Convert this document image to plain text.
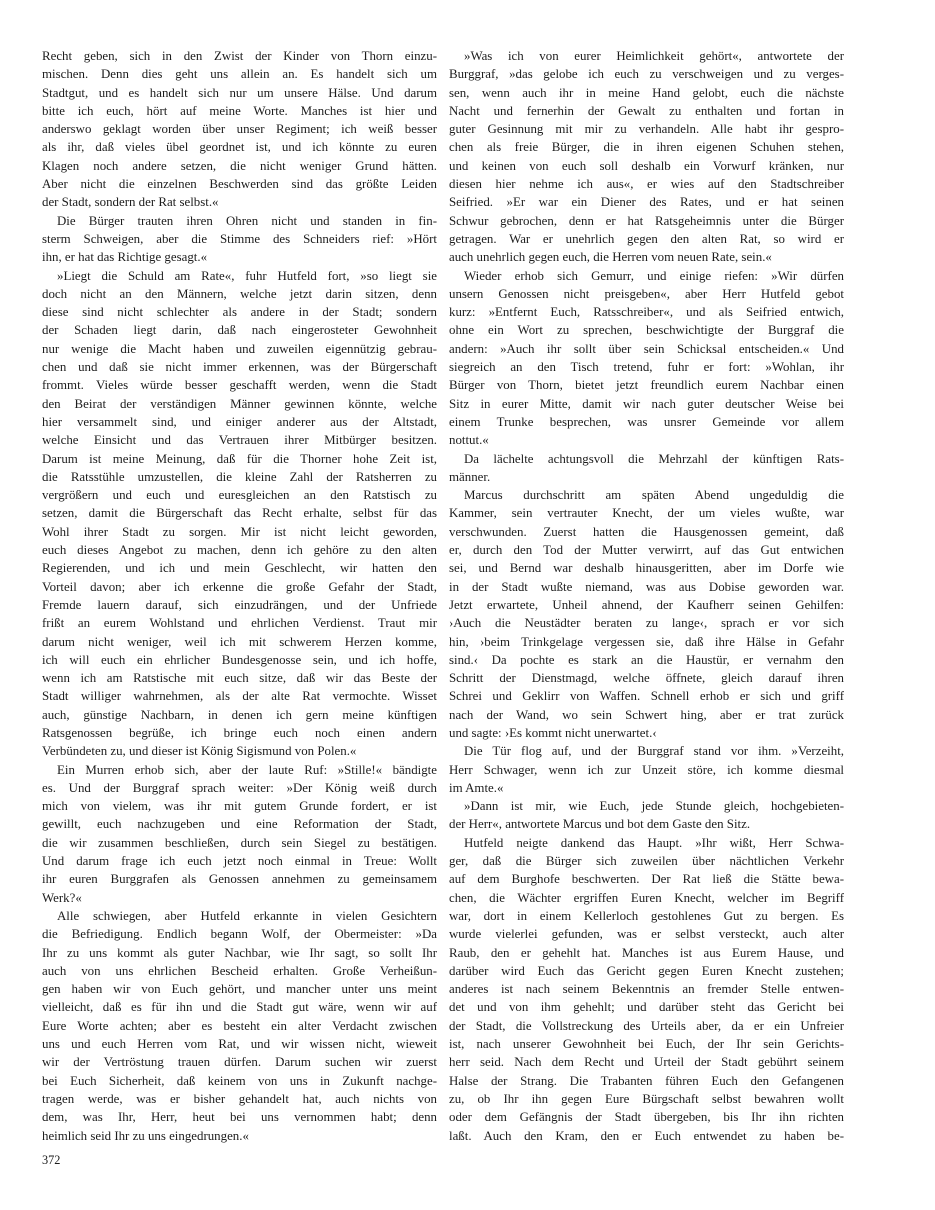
Recht geben, sich in den Zwist der Kinder von Thorn einzu-
mischen. Denn dies geht uns allein an. Es handelt sich um
Stadtgut, und es handelt sich nur um unsere Hälse. Und darum
bitte ich euch, hört auf meine Worte. Manches ist hier und
anderswo geklagt worden über unser Regiment; ich weiß besser
als ihr, daß vieles übel geordnet ist, und ich könnte zu euren
Klagen noch andere setzen, die nicht weniger Grund hätten.
Aber nicht die einzelnen Beschwerden sind das größte Leiden
der Stadt, sondern der Rat selbst.«
Die Bürger trauten ihren Ohren nicht und standen in fin-
sterm Schweigen, aber die Stimme des Schneiders rief: »Hört
ihn, er hat das Richtige gesagt.«
»Liegt die Schuld am Rate«, fuhr Hutfeld fort, »so liegt sie
doch nicht an den Männern, welche jetzt darin sitzen, denn
diese sind nicht schlechter als andere in der Stadt; sondern
der Schaden liegt darin, daß nach eingerosteter Gewohnheit
nur wenige die Macht haben und zuweilen eigennützig gebrau-
chen und daß sie nicht immer erkennen, was der Bürgerschaft
frommt. Vieles würde besser geschafft werden, wenn die Stadt
den Beirat der verständigen Männer gewinnen könnte, welche
hier versammelt sind, und einiger anderer aus der Altstadt,
welche Einsicht und das Vertrauen ihrer Mitbürger besitzen.
Darum ist meine Meinung, daß für die Thorner hohe Zeit ist,
die Ratsstühle umzustellen, die kleine Zahl der Ratsherren zu
vergrößern und euch und euresgleichen an den Ratstisch zu
setzen, damit die Bürgerschaft das Recht erhalte, selbst für das
Wohl ihrer Stadt zu sorgen. Mir ist nicht leicht geworden,
euch dieses Angebot zu machen, denn ich gehöre zu den alten
Regierenden, und ich und mein Geschlecht, wir hatten den
Vorteil davon; aber ich erkenne die große Gefahr der Stadt,
Fremde lauern darauf, sich einzudrängen, und der Unfriede
frißt an eurem Wohlstand und ehrlichen Verdienst. Traut mir
darum nicht weniger, weil ich mit schwerem Herzen komme,
ich will euch ein ehrlicher Bundesgenosse sein, und ich hoffe,
wenn ich am Ratstische mit euch sitze, daß wir das Beste der
Stadt williger wahrnehmen, als der alte Rat vermochte. Wisset
auch, günstige Nachbarn, in denen ich gern meine künftigen
Ratsgenossen begrüße, ich bringe euch noch einen andern
Verbündeten zu, und dieser ist König Sigismund von Polen.«
Ein Murren erhob sich, aber der laute Ruf: »Stille!« bändigte
es. Und der Burggraf sprach weiter: »Der König weiß durch
mich von vielem, was ihr mit gutem Grunde fordert, er ist
gewillt, euch nachzugeben und eine Reformation der Stadt,
die wir zusammen beschließen, durch sein Siegel zu bestätigen.
Und darum frage ich euch jetzt noch einmal in Treue: Wollt
ihr euren Burggrafen als Genossen annehmen zu gemeinsamem
Werk?«
Alle schwiegen, aber Hutfeld erkannte in vielen Gesichtern
die Befriedigung. Endlich begann Wolf, der Obermeister: »Da
Ihr zu uns kommt als guter Nachbar, wie Ihr sagt, so sollt Ihr
auch von uns ehrlichen Bescheid erhalten. Große Verheißun-
gen haben wir von Euch gehört, und mancher unter uns meint
vielleicht, daß es für ihn und die Stadt gut wäre, wenn wir auf
Eure Worte achten; aber es besteht ein alter Verdacht zwischen
uns und euch Herren vom Rat, und wir wissen nicht, wieweit
wir der Vertröstung trauen dürfen. Darum suchen wir zuerst
bei Euch Sicherheit, daß keinem von uns in Zukunft nachge-
tragen werde, was er bisher gehandelt hat, auch nichts von
dem, was Ihr, Herr, heut bei uns vernommen habt; denn
heimlich seid Ihr zu uns eingedrungen.«
»Was ich von eurer Heimlichkeit gehört«, antwortete der
Burggraf, »das gelobe ich euch zu verschweigen und zu verges-
sen, wenn auch ihr in meine Hand gelobt, euch die nächste
Nacht und fernerhin der Gewalt zu enthalten und fortan in
guter Gesinnung mit mir zu verhandeln. Alle habt ihr gespro-
chen als freie Bürger, die in ihren eigenen Schuhen stehen,
und keinen von euch soll deshalb ein Vorwurf kränken, nur
diesen hier nehme ich aus«, er wies auf den Stadtschreiber
Seifried. »Er war ein Diener des Rates, und er hat seinen
Schwur gebrochen, denn er hat Ratsgeheimnis unter die Bürger
getragen. War er unehrlich gegen den alten Rat, so wird er
auch unehrlich gegen euch, die Herren vom neuen Rate, sein.«
Wieder erhob sich Gemurr, und einige riefen: »Wir dürfen
unsern Genossen nicht preisgeben«, aber Herr Hutfeld gebot
kurz: »Entfernt Euch, Ratsschreiber«, und als Seifried entwich,
ohne ein Wort zu sprechen, beschwichtigte der Burggraf die
andern: »Auch ihr sollt über sein Schicksal entscheiden.« Und
siegreich an den Tisch tretend, fuhr er fort: »Wohlan, ihr
Bürger von Thorn, bietet jetzt freundlich eurem Nachbar einen
Sitz in eurer Mitte, damit wir nach guter deutscher Weise bei
einem Trunke besprechen, was unsrer Gemeinde vor allem
nottut.«
Da lächelte achtungsvoll die Mehrzahl der künftigen Rats-
männer.
Marcus durchschritt am späten Abend ungeduldig die
Kammer, sein vertrauter Knecht, der um vieles wußte, war
verschwunden. Zuerst hatten die Hausgenossen gemeint, daß
er, durch den Tod der Mutter verwirrt, auf das Gut entwichen
sei, und Bernd war deshalb hinausgeritten, aber im Dorfe wie
in der Stadt wußte niemand, was aus Dobise geworden war.
Jetzt erwartete, Unheil ahnend, der Kaufherr seinen Gehilfen:
›Auch die Neustädter beraten zu lange‹, sprach er vor sich
hin, ›beim Trinkgelage vergessen sie, daß ihre Hälse in Gefahr
sind.‹ Da pochte es stark an die Haustür, er vernahm den
Schritt der Dienstmagd, welche öffnete, gleich darauf ihren
Schrei und Geklirr von Waffen. Schnell erhob er sich und griff
nach der Wand, wo sein Schwert hing, aber er trat zurück
und sagte: ›Es kommt nicht unerwartet.‹
Die Tür flog auf, und der Burggraf stand vor ihm. »Verzeiht,
Herr Schwager, wenn ich zur Unzeit störe, ich komme diesmal
im Amte.«
»Dann ist mir, wie Euch, jede Stunde gleich, hochgebieten-
der Herr«, antwortete Marcus und bot dem Gaste den Sitz.
Hutfeld neigte dankend das Haupt. »Ihr wißt, Herr Schwa-
ger, daß die Bürger sich zuweilen über nächtlichen Verkehr
auf dem Burghofe beschwerten. Der Rat ließ die Stätte bewa-
chen, die Wächter ergriffen Euren Knecht, welcher im Begriff
war, dort in einem Kellerloch gestohlenes Gut zu bergen. Es
wurde vielerlei gefunden, was er selbst versteckt, auch alter
Raub, den er gehehlt hat. Manches ist aus Eurem Hause, und
darüber wird Euch das Gericht gegen Euren Knecht zustehen;
anderes ist nach seinem Bekenntnis an fremder Stelle entwen-
det und von ihm gehehlt; und darüber steht das Gericht bei
der Stadt, die Vollstreckung des Urteils aber, da er ein Unfreier
ist, nach unserer Gewohnheit bei Euch, der Ihr sein Gerichts-
herr seid. Nach dem Recht und Urteil der Stadt gebührt seinem
Halse der Strang. Die Trabanten führen Euch den Gefangenen
zu, ob Ihr ihn gegen Eure Bürgschaft selbst bewahren wollt
oder dem Gefängnis der Stadt übergeben, bis Ihr ihn richten
laßt. Auch den Kram, den er Euch entwendet zu haben be-
372
